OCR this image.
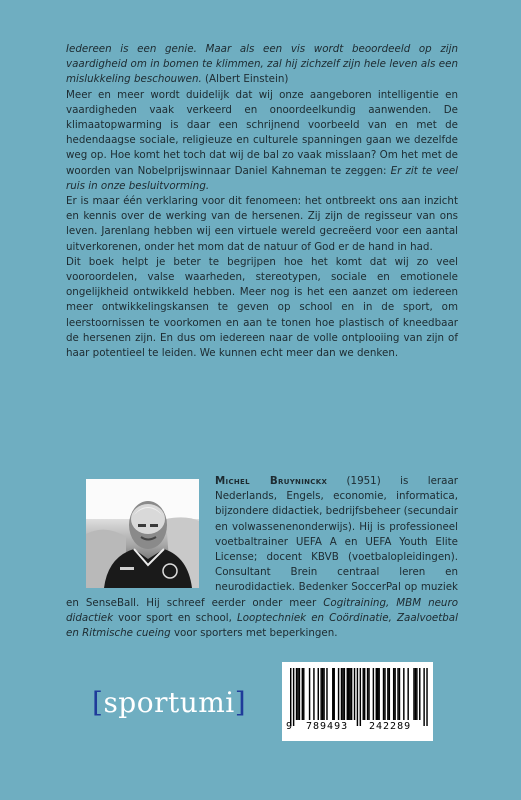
Iedereen is een genie. Maar als een vis wordt beoordeeld op zijn vaardigheid om in bomen te klimmen, zal hij zichzelf zijn hele leven als een mislukkeling beschouwen. (Albert Einstein)

Meer en meer wordt duidelijk dat wij onze aangeboren intelligentie en vaardigheden vaak verkeerd en onoordeelkundig aanwenden. De klimaatopwarming is daar een schrijnend voorbeeld van en met de hedendaagse sociale, religieuze en culturele spanningen gaan we dezelfde weg op. Hoe komt het toch dat wij de bal zo vaak misslaan? Om het met de woorden van Nobelprijswinnaar Daniel Kahneman te zeggen: Er zit te veel ruis in onze besluitvorming.

Er is maar één verklaring voor dit fenomeen: het ontbreekt ons aan inzicht en kennis over de werking van de hersenen. Zij zijn de regisseur van ons leven. Jarenlang hebben wij een virtuele wereld gecreëerd voor een aantal uitverkorenen, onder het mom dat de natuur of God er de hand in had.

Dit boek helpt je beter te begrijpen hoe het komt dat wij zo veel vooroordelen, valse waarheden, stereotypen, sociale en emotionele ongelijkheid ontwikkeld hebben. Meer nog is het een aanzet om iedereen meer ontwikkelingskansen te geven op school en in de sport, om leerstoornissen te voorkomen en aan te tonen hoe plastisch of kneedbaar de hersenen zijn. En dus om iedereen naar de volle ontplooiing van zijn of haar potentieel te leiden. We kunnen echt meer dan we denken.

Michel Bruyninckx (1951) is leraar Nederlands, Engels, economie, informatica, bijzondere didactiek, bedrijfsbeheer (secundair en volwassenenonderwijs). Hij is professioneel voetbaltrainer UEFA A en UEFA Youth Elite License; docent KBVB (voetbalopleidingen). Consultant Brein centraal leren en neurodidactiek. Bedenker SoccerPal op muziek en SenseBall. Hij schreef eerder onder meer Cogitraining, MBM neuro didactiek voor sport en school, Looptechniek en Coördinatie, Zaalvoetbal en Ritmische cueing voor sporters met beperkingen.

[sportumi]
9 789493 242289
